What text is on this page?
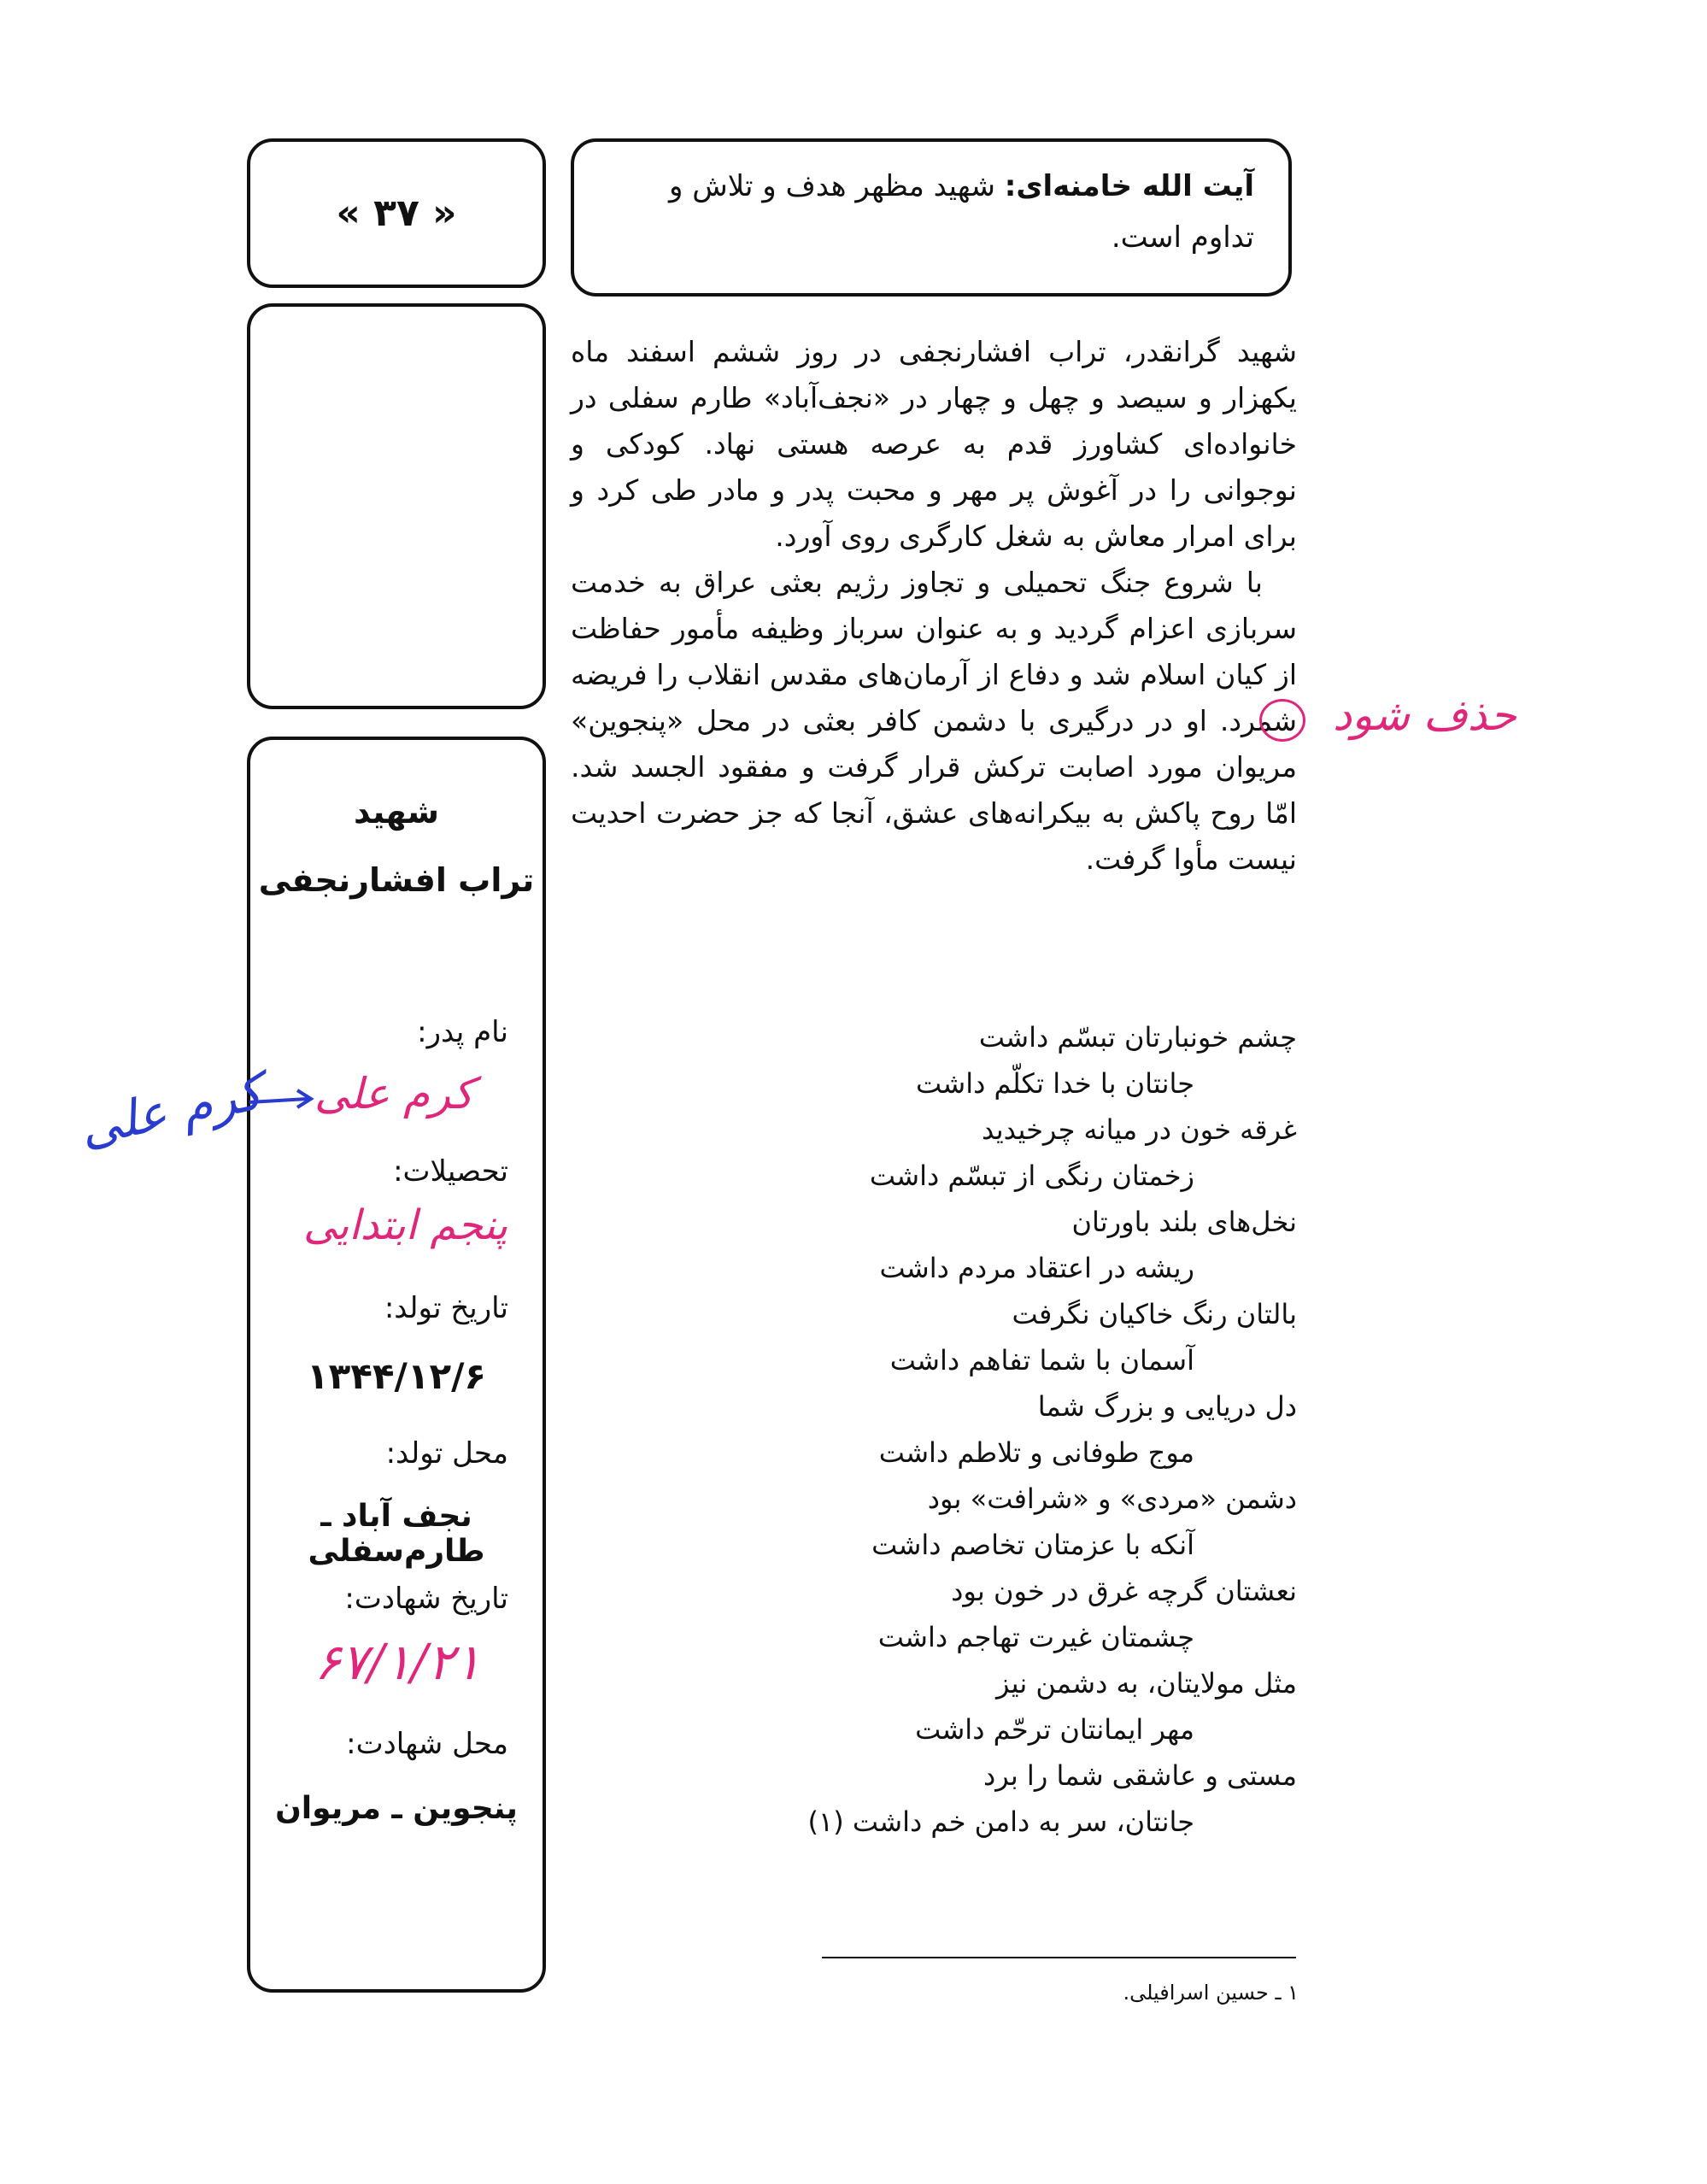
آیت الله خامنه‌ای: شهید مظهر هدف و تلاش و
تداوم است.
« ۳۷ »
شهید
تراب افشارنجفی
نام پدر:
کرم علی
تحصیلات:
پنجم ابتدایی
تاریخ تولد:
۱۳۴۴/۱۲/۶
محل تولد:
نجف آباد ـ طارم‌سفلی
تاریخ شهادت:
۶۷/۱/۲۱
محل شهادت:
پنجوین ـ مریوان
کرم علی

شهید گرانقدر، تراب افشارنجفی در روز ششم اسفند ماه یکهزار و سیصد و چهل و چهار در «نجف‌آباد» طارم سفلی در خانواده‌ای کشاورز قدم به عرصه هستی نهاد. کودکی و نوجوانی را در آغوش پر مهر و محبت پدر و مادر طی کرد و برای امرار معاش به شغل کارگری روی آورد.

با شروع جنگ تحمیلی و تجاوز رژیم بعثی عراق به خدمت سربازی اعزام گردید و به عنوان سرباز وظیفه مأمور حفاظت از کیان اسلام شد و دفاع از آرمان‌های مقدس انقلاب را فریضه شمرد. او در درگیری با دشمن کافر بعثی در محل «پنجوین» مریوان مورد اصابت ترکش قرار گرفت و مفقود الجسد شد. امّا روح پاکش به بیکرانه‌های عشق، آنجا که جز حضرت احدیت نیست مأوا گرفت.

حذف شود
چشم خونبارتان تبسّم داشت
جانتان با خدا تکلّم داشت
غرقه خون در میانه چرخیدید
زخمتان رنگی از تبسّم داشت
نخل‌های بلند باورتان
ریشه در اعتقاد مردم داشت
بالتان رنگ خاکیان نگرفت
آسمان با شما تفاهم داشت
دل دریایی و بزرگ شما
موج طوفانی و تلاطم داشت
دشمن «مردی» و «شرافت» بود
آنکه با عزمتان تخاصم داشت
نعشتان گرچه غرق در خون بود
چشمتان غیرت تهاجم داشت
مثل مولایتان، به دشمن نیز
مهر ایمانتان ترحّم داشت
مستی و عاشقی شما را برد
جانتان، سر به دامن خم داشت (۱)
۱ ـ حسین اسرافیلی.
